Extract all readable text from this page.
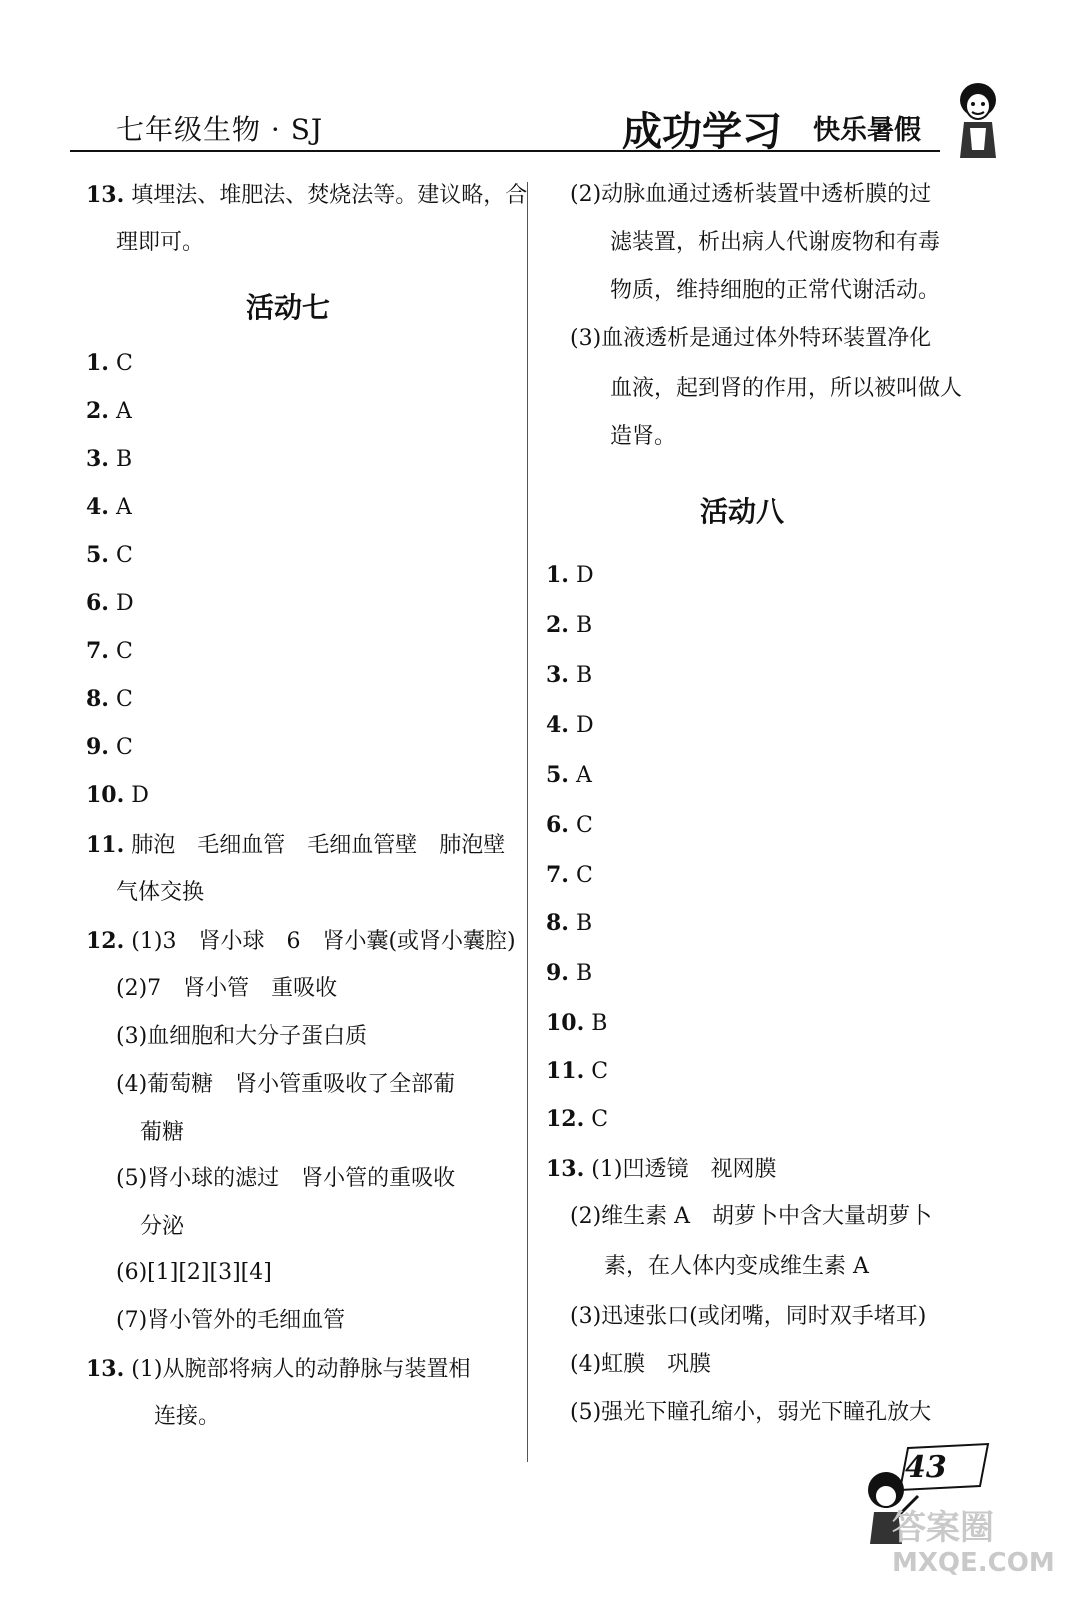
七年级生物 · SJ	成功学习 快乐暑假
13. 填埋法、堆肥法、焚烧法等。建议略，合
理即可。
活动七
1. C
2. A
3. B
4. A
5. C
6. D
7. C
8. C
9. C
10. D
11. 肺泡　毛细血管　毛细血管壁　肺泡壁
气体交换
12. (1)3　肾小球　6　肾小囊(或肾小囊腔)
(2)7　肾小管　重吸收
(3)血细胞和大分子蛋白质
(4)葡萄糖　肾小管重吸收了全部葡
葡糖
(5)肾小球的滤过　肾小管的重吸收
分泌
(6)[1][2][3][4]
(7)肾小管外的毛细血管
13. (1)从腕部将病人的动静脉与装置相
连接。
(2)动脉血通过透析装置中透析膜的过
滤装置，析出病人代谢废物和有毒
物质，维持细胞的正常代谢活动。
(3)血液透析是通过体外特环装置净化
血液，起到肾的作用，所以被叫做人
造肾。
活动八
1. D
2. B
3. B
4. D
5. A
6. C
7. C
8. B
9. B
10. B
11. C
12. C
13. (1)凹透镜　视网膜
(2)维生素 A　胡萝卜中含大量胡萝卜
素，在人体内变成维生素 A
(3)迅速张口(或闭嘴，同时双手堵耳)
(4)虹膜　巩膜
(5)强光下瞳孔缩小，弱光下瞳孔放大
43
答案圈
MXQE.COM
